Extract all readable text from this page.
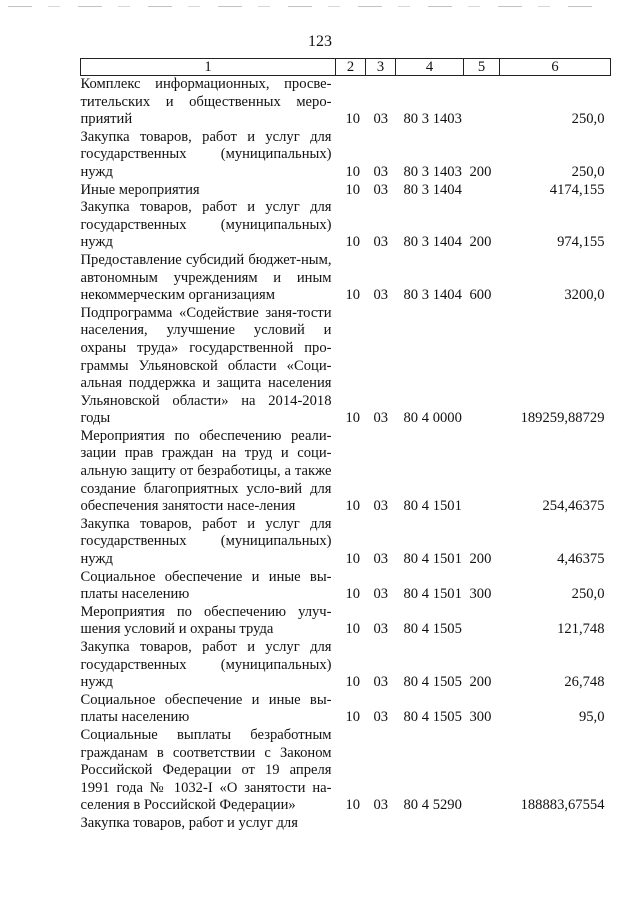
123
1	2	3	4	5	6
Комплекс информационных, просве-тительских и общественных меро-приятий	10	03	80 3 1403		250,0
Закупка товаров, работ и услуг для государственных (муниципальных) нужд	10	03	80 3 1403	200	250,0
Иные мероприятия	10	03	80 3 1404		4174,155
Закупка товаров, работ и услуг для государственных (муниципальных) нужд	10	03	80 3 1404	200	974,155
Предоставление субсидий бюджет-ным, автономным учреждениям и иным некоммерческим организациям	10	03	80 3 1404	600	3200,0
Подпрограмма «Содействие заня-тости населения, улучшение условий и охраны труда» государственной про-граммы Ульяновской области «Соци-альная поддержка и защита населения Ульяновской области» на 2014-2018 годы	10	03	80 4 0000		189259,88729
Мероприятия по обеспечению реали-зации прав граждан на труд и соци-альную защиту от безработицы, а также создание благоприятных усло-вий для обеспечения занятости насе-ления	10	03	80 4 1501		254,46375
Закупка товаров, работ и услуг для государственных (муниципальных) нужд	10	03	80 4 1501	200	4,46375
Социальное обеспечение и иные вы-платы населению	10	03	80 4 1501	300	250,0
Мероприятия по обеспечению улуч-шения условий и охраны труда	10	03	80 4 1505		121,748
Закупка товаров, работ и услуг для государственных (муниципальных) нужд	10	03	80 4 1505	200	26,748
Социальное обеспечение и иные вы-платы населению	10	03	80 4 1505	300	95,0
Социальные выплаты безработным гражданам в соответствии с Законом Российской Федерации от 19 апреля 1991 года № 1032-I «О занятости на-селения в Российской Федерации»	10	03	80 4 5290		188883,67554
Закупка товаров, работ и услуг для					
